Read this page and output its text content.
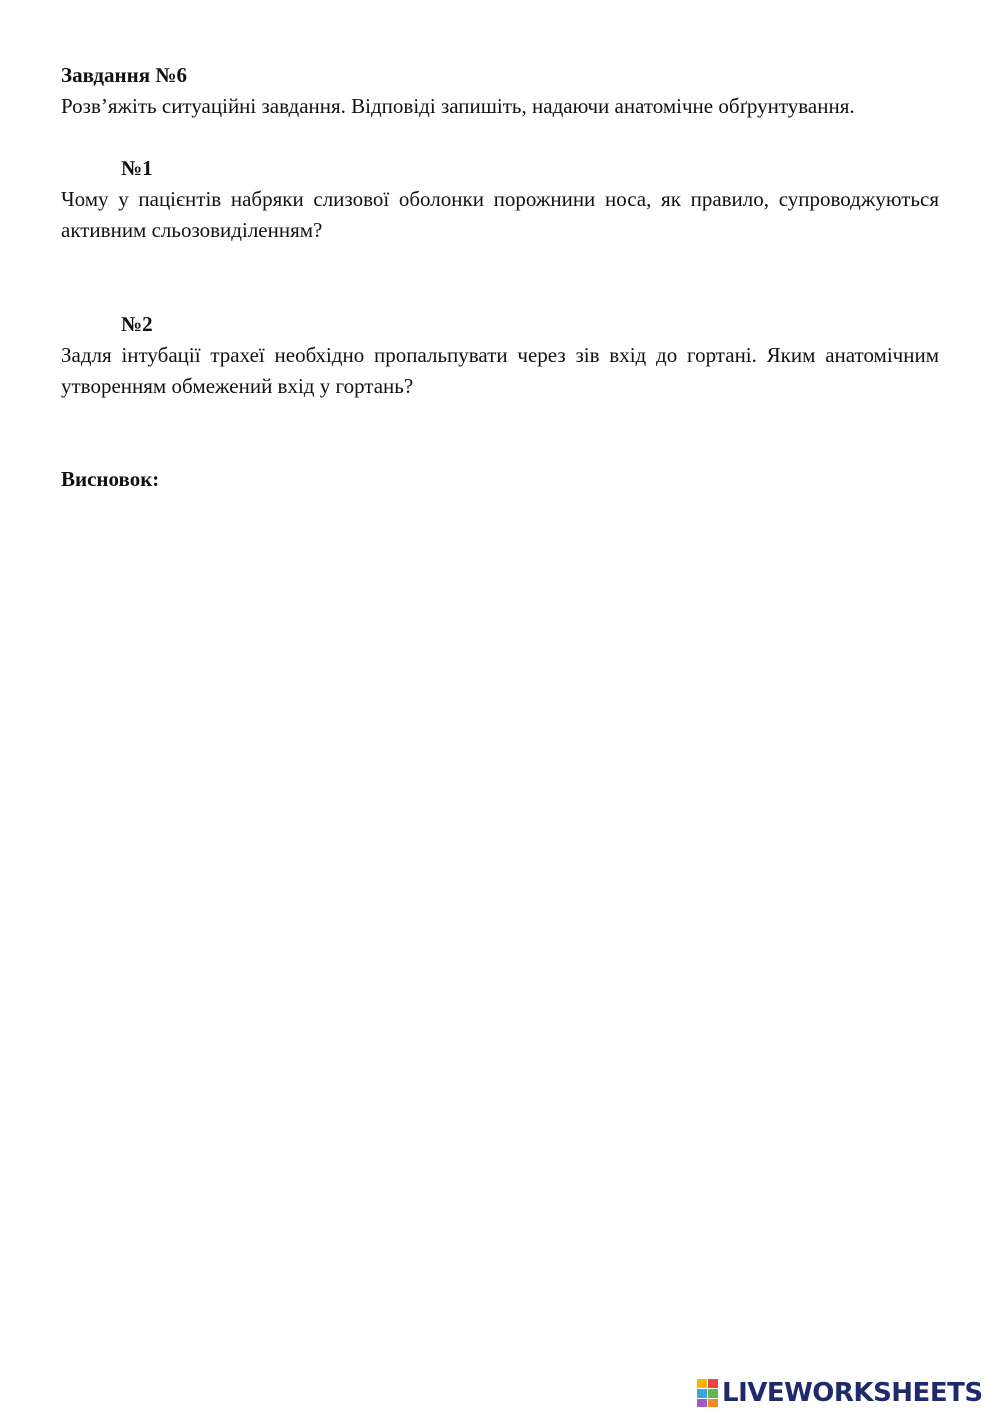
Завдання №6
Розв’яжіть ситуаційні завдання. Відповіді запишіть, надаючи анатомічне обґрунтування.
№1
Чому у пацієнтів набряки слизової оболонки порожнини носа, як правило, супроводжуються активним сльозовиділенням?
№2
Задля інтубації трахеї необхідно пропальпувати через зів вхід до гортані. Яким анатомічним утворенням обмежений вхід у гортань?
Висновок:
LIVEWORKSHEETS
